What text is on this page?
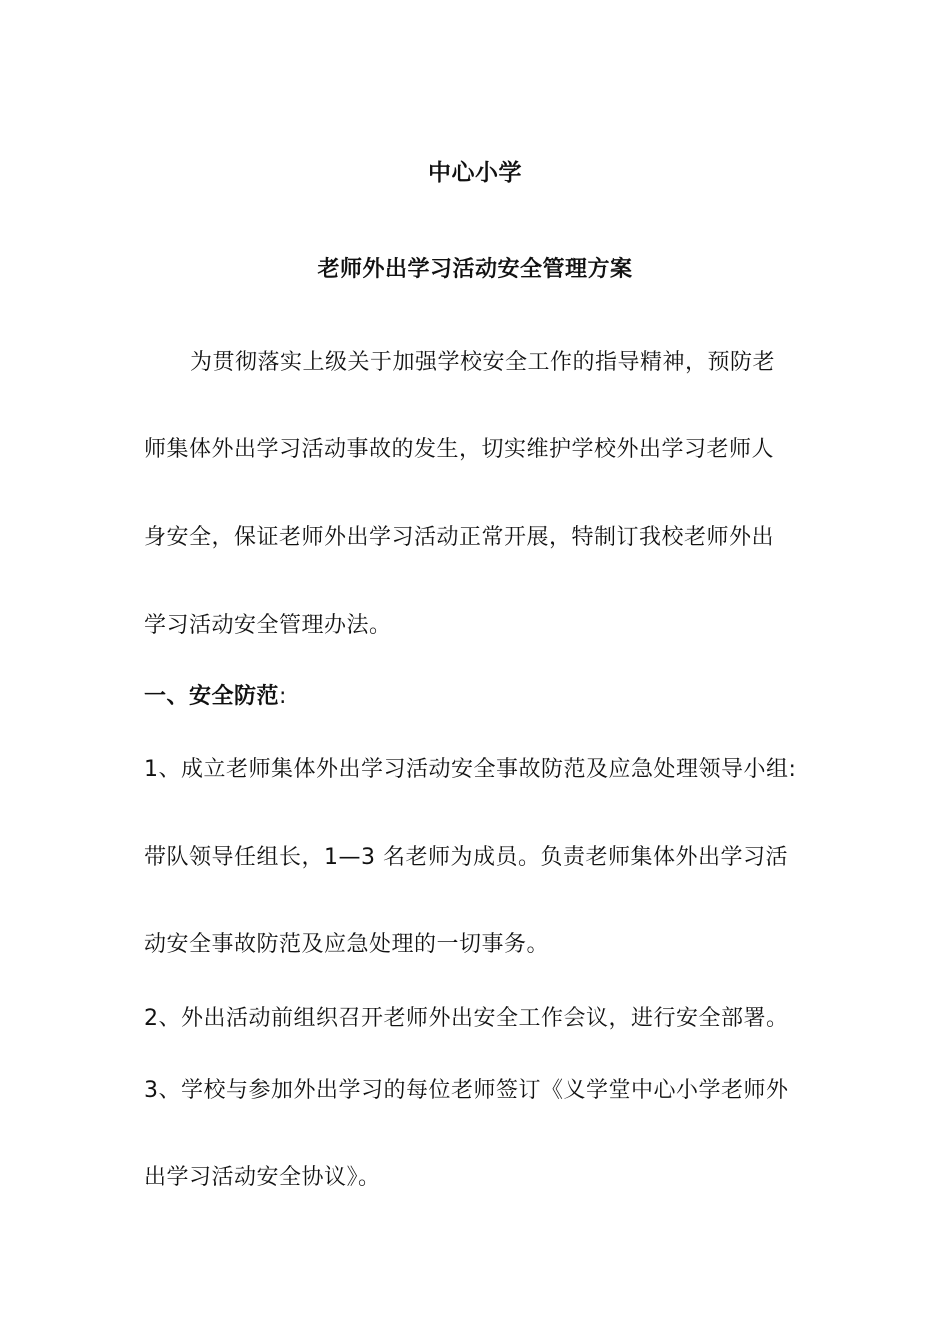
中心小学
老师外出学习活动安全管理方案
为贯彻落实上级关于加强学校安全工作的指导精神，预防老
师集体外出学习活动事故的发生，切实维护学校外出学习老师人
身安全，保证老师外出学习活动正常开展，特制订我校老师外出
学习活动安全管理办法。
一、安全防范:
1、成立老师集体外出学习活动安全事故防范及应急处理领导小组:
带队领导任组长，1—3 名老师为成员。负责老师集体外出学习活
动安全事故防范及应急处理的一切事务。
2、外出活动前组织召开老师外出安全工作会议，进行安全部署。
3、学校与参加外出学习的每位老师签订《义学堂中心小学老师外
出学习活动安全协议》。
